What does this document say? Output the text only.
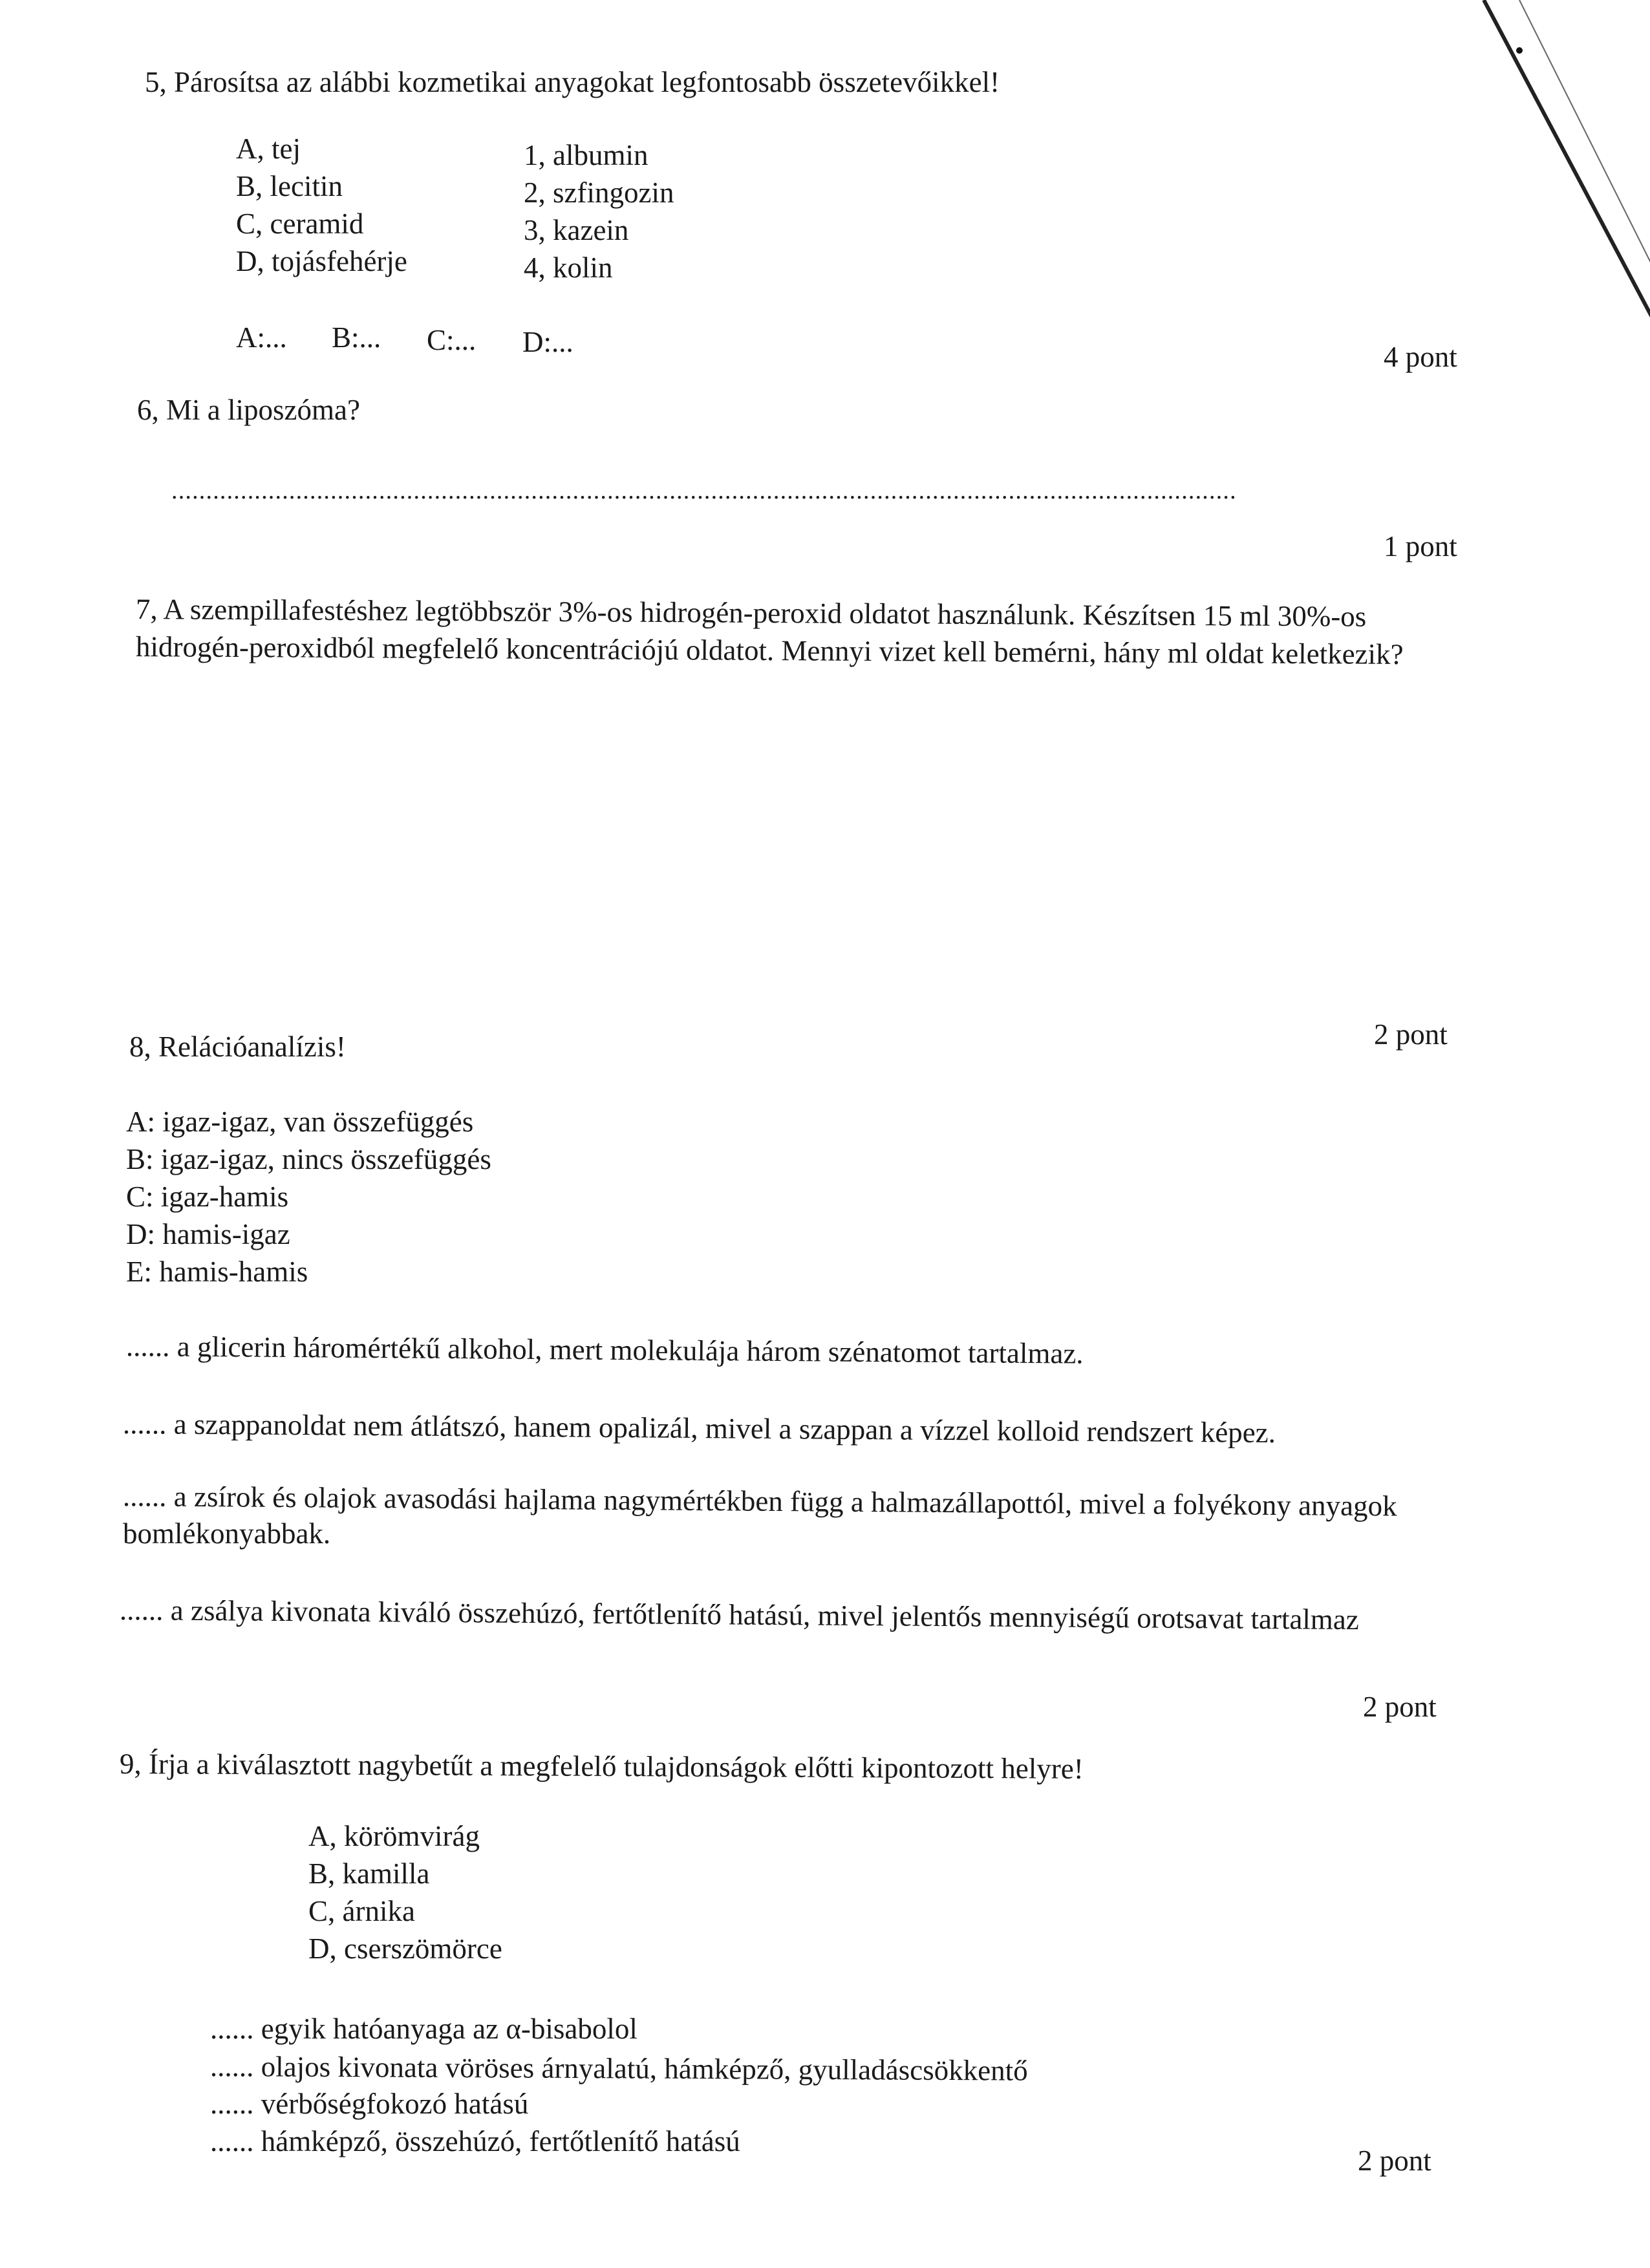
5, Párosítsa az alábbi kozmetikai anyagokat legfontosabb összetevőikkel!
A, tej
B, lecitin
C, ceramid
D, tojásfehérje
1, albumin
2, szfingozin
3, kazein
4, kolin
A:... B:... C:... D:...	4 pont
6, Mi a liposzóma?
..........................................................................................................................................................
1 pont
7, A szempillafestéshez legtöbbször 3%-os hidrogén-peroxid oldatot használunk. Készítsen 15 ml 30%-os
hidrogén-peroxidból megfelelő koncentrációjú oldatot. Mennyi vizet kell bemérni, hány ml oldat keletkezik?
2 pont
8, Relációanalízis!
A: igaz-igaz, van összefüggés
B: igaz-igaz, nincs összefüggés
C: igaz-hamis
D: hamis-igaz
E: hamis-hamis
...... a glicerin háromértékű alkohol, mert molekulája három szénatomot tartalmaz.
...... a szappanoldat nem átlátszó, hanem opalizál, mivel a szappan a vízzel kolloid rendszert képez.
...... a zsírok és olajok avasodási hajlama nagymértékben függ a halmazállapottól, mivel a folyékony anyagok
bomlékonyabbak.
...... a zsálya kivonata kiváló összehúzó, fertőtlenítő hatású, mivel jelentős mennyiségű orotsavat tartalmaz
2 pont
9, Írja a kiválasztott nagybetűt a megfelelő tulajdonságok előtti kipontozott helyre!
A, körömvirág
B, kamilla
C, árnika
D, cserszömörce
...... egyik hatóanyaga az α-bisabolol
...... olajos kivonata vöröses árnyalatú, hámképző, gyulladáscsökkentő
...... vérbőségfokozó hatású
...... hámképző, összehúzó, fertőtlenítő hatású
2 pont
